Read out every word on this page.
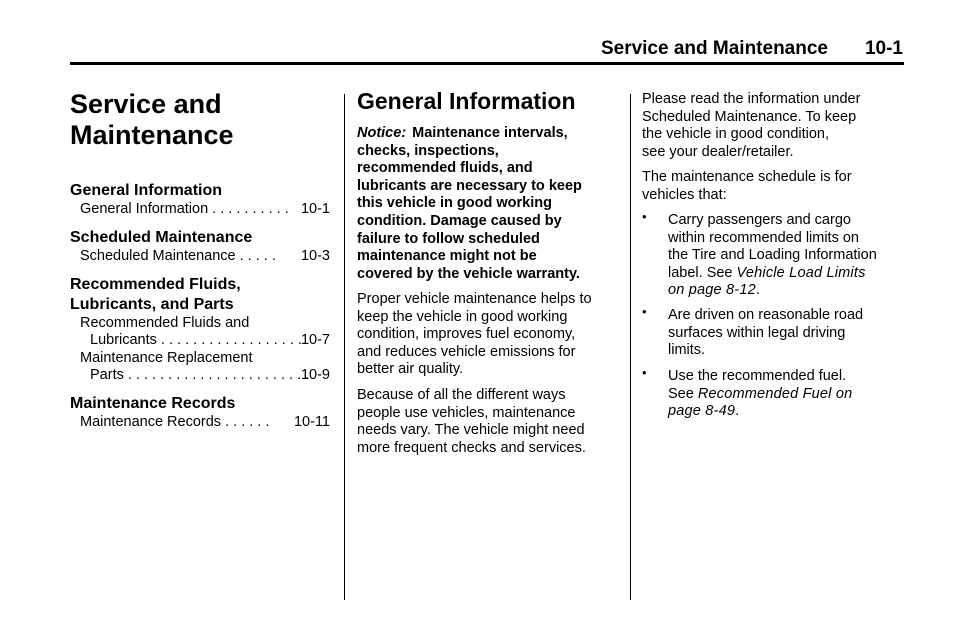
Service and Maintenance 10-1
Service and
Maintenance
General Information
General Information . . . . . . . . . . 10-1
Scheduled Maintenance
Scheduled Maintenance . . . . . 10-3
Recommended Fluids,
Lubricants, and Parts
Recommended Fluids and
Lubricants . . . . . . . . . . . . . . . . . . 10-7
Maintenance Replacement
Parts . . . . . . . . . . . . . . . . . . . . . . .
10-9
Maintenance Records
Maintenance Records . . . . . . 10-11
General Information
Notice: Maintenance intervals,
checks, inspections,
recommended fluids, and
lubricants are necessary to keep
this vehicle in good working
condition. Damage caused by
failure to follow scheduled
maintenance might not be
covered by the vehicle warranty.
Proper vehicle maintenance helps to
keep the vehicle in good working
condition, improves fuel economy,
and reduces vehicle emissions for
better air quality.
Because of all the different ways
people use vehicles, maintenance
needs vary. The vehicle might need
more frequent checks and services.
Please read the information under
Scheduled Maintenance. To keep
the vehicle in good condition,
see your dealer/retailer.
The maintenance schedule is for
vehicles that:
• Carry passengers and cargo
within recommended limits on
the Tire and Loading Information
label. See Vehicle Load Limits
on page 8-12.
• Are driven on reasonable road
surfaces within legal driving
limits.
• Use the recommended fuel.
See Recommended Fuel on
page 8-49.
